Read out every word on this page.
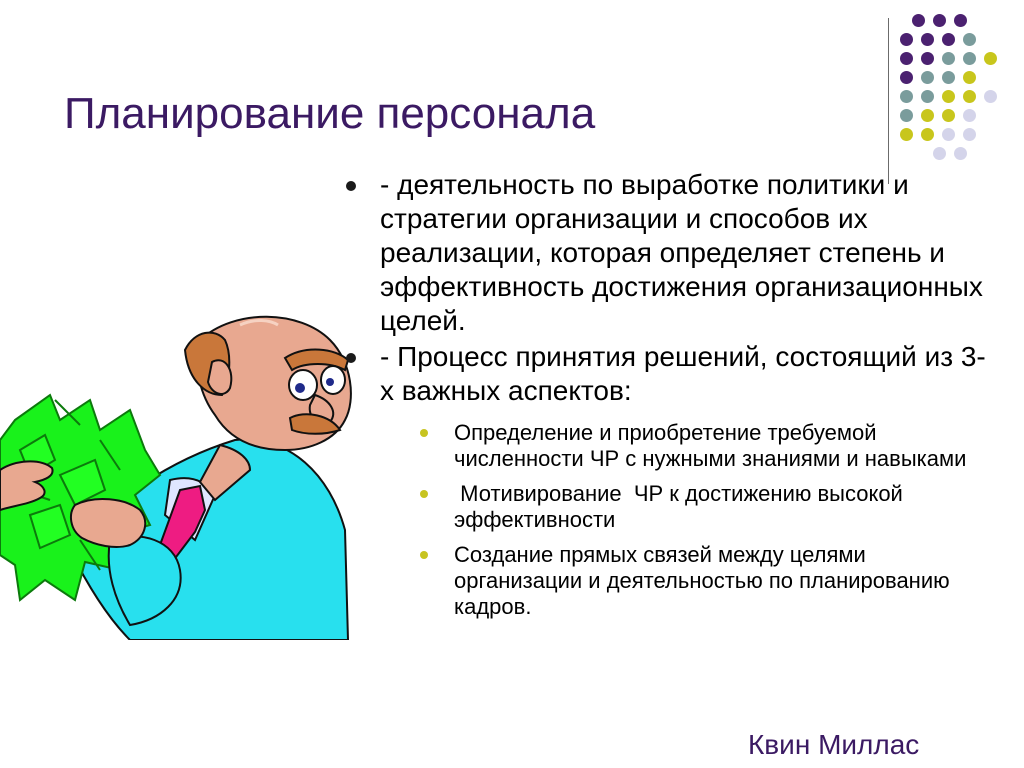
Планирование персонала
- деятельность по выработке политики и стратегии организации и способов их реализации, которая определяет степень и эффективность достижения организационных целей.
- Процесс принятия решений, состоящий из 3-х важных аспектов:
Определение и приобретение требуемой численности ЧР с нужными знаниями и навыками
Мотивирование  ЧР к достижению высокой эффективности
Создание прямых связей между целями организации и деятельностью по планированию кадров.
Квин Миллас
